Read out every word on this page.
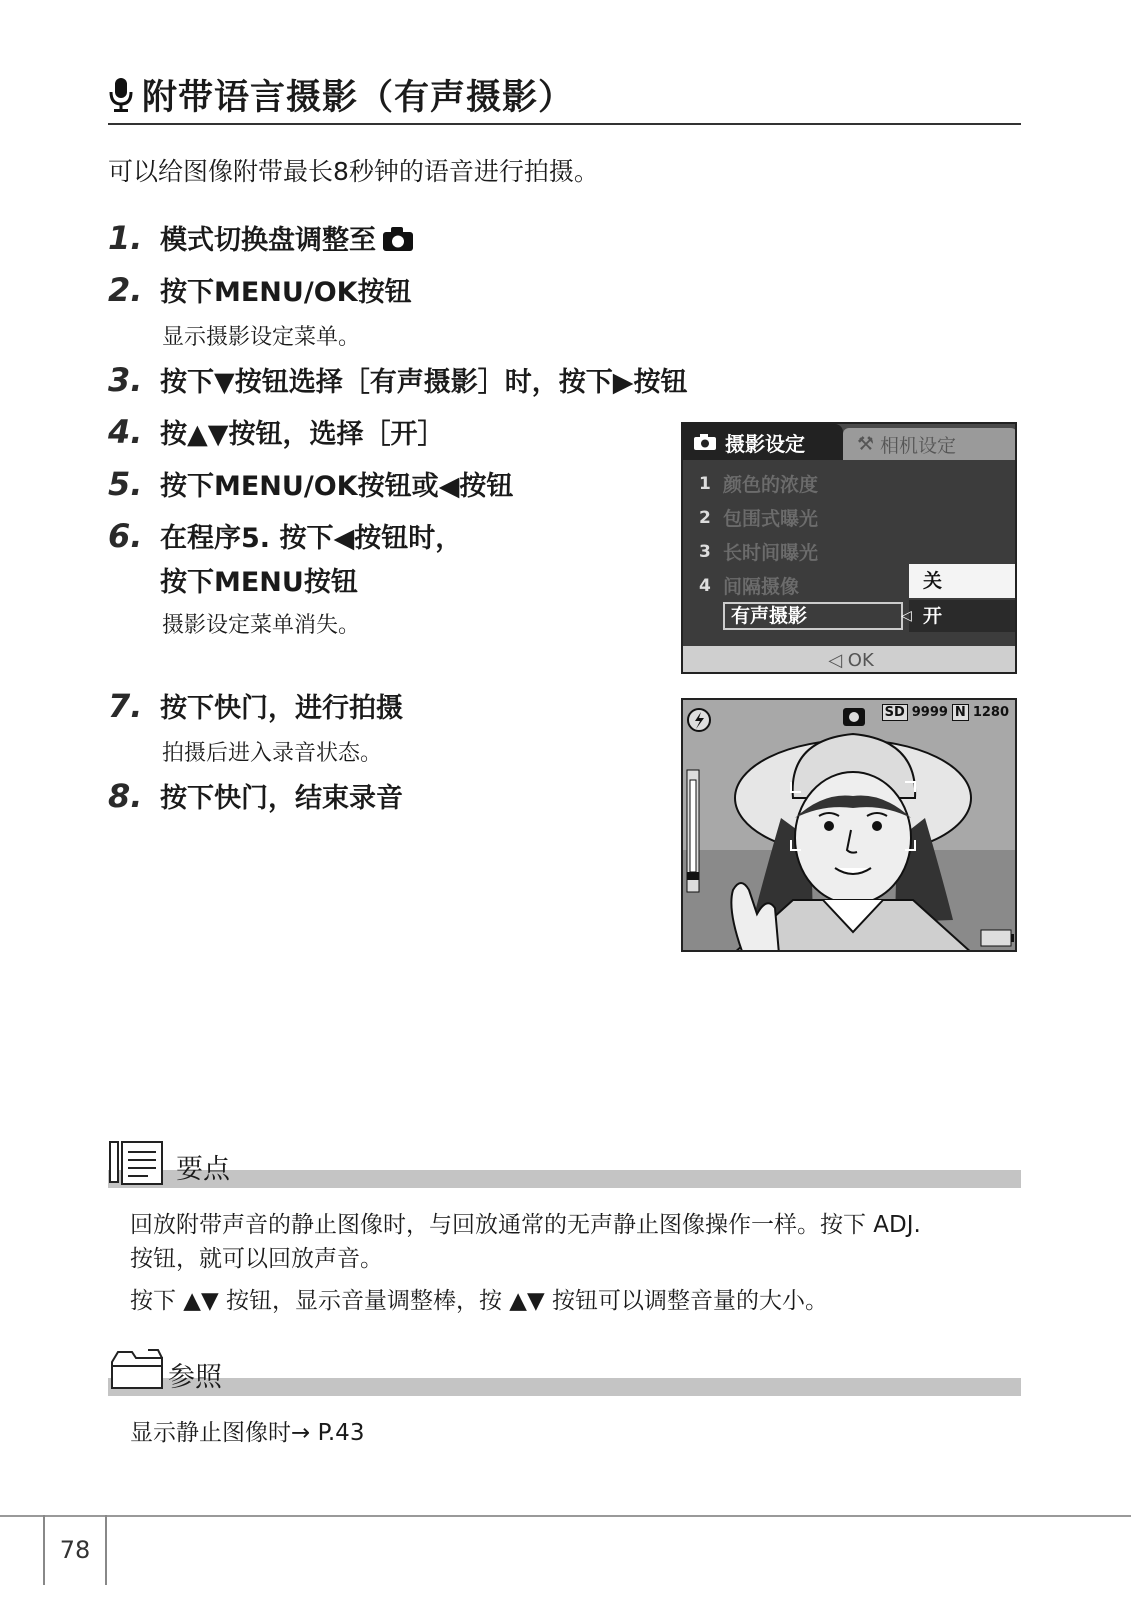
附带语言摄影（有声摄影）
可以给图像附带最长8秒钟的语音进行拍摄。
1. 模式切换盘调整至
2. 按下MENU/OK按钮
显示摄影设定菜单。
3. 按下▼按钮选择［有声摄影］时，按下▶按钮
4. 按▲▼按钮，选择［开］
5. 按下MENU/OK按钮或◀按钮
6. 在程序5. 按下◀按钮时，
按下MENU按钮
摄影设定菜单消失。
7. 按下快门，进行拍摄
拍摄后进入录音状态。
8. 按下快门，结束录音
摄影设定	⚒ 相机设定
1
2
3
4
颜色的浓度
包围式曝光
长时间曝光
间隔摄像
有声摄影
关
◁ 开
◁ OK
SD 9999 N 1280
要点
回放附带声音的静止图像时，与回放通常的无声静止图像操作一样。按下 ADJ.
按钮，就可以回放声音。
按下 ▲▼ 按钮，显示音量调整棒，按 ▲▼ 按钮可以调整音量的大小。
参照
显示静止图像时→ P.43
78
